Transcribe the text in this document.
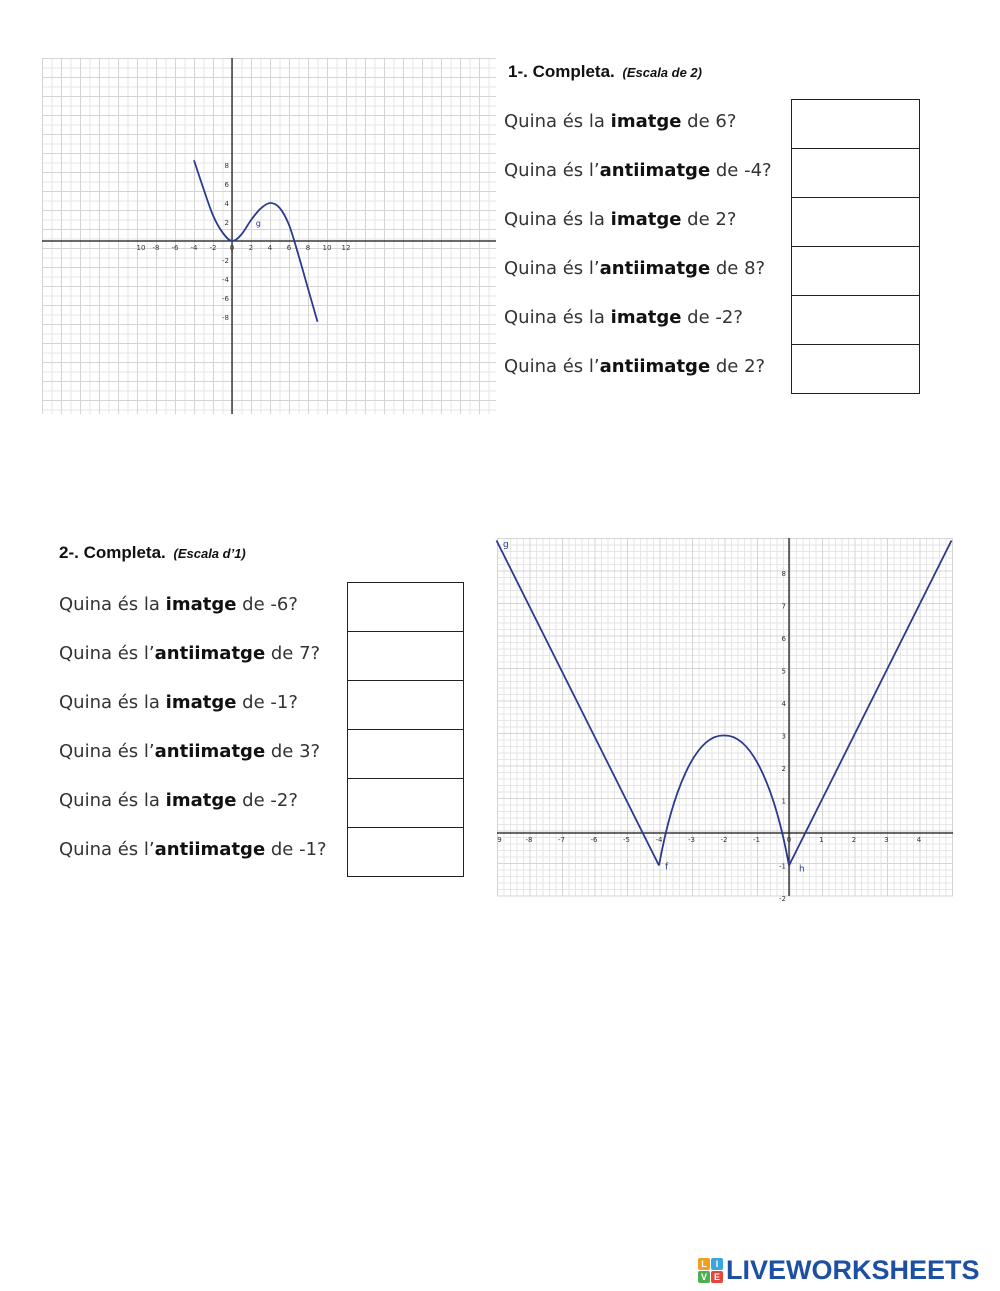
10 -8 -6 -4 -2 0 2 4 6 8 10 12
8
6
4
2
-2
-4
-6
-8
g
1-. Completa. (Escala de 2)
Quina és la imatge de 6?
Quina és l’antiimatge de -4?
Quina és la imatge de 2?
Quina és l’antiimatge de 8?
Quina és la imatge de -2?
Quina és l’antiimatge de 2?
2-. Completa. (Escala d’1)
Quina és la imatge de -6?
Quina és l’antiimatge de 7?
Quina és la imatge de -1?
Quina és l’antiimatge de 3?
Quina és la imatge de -2?
Quina és l’antiimatge de -1?	9	-8	-7	-6	-5	-4	-3	-2	-1	0	1	2	3	4
8
7
6
5
4
3
2
1
-1
-2
g
f	h
L I
V E LIVEWORKSHEETS
